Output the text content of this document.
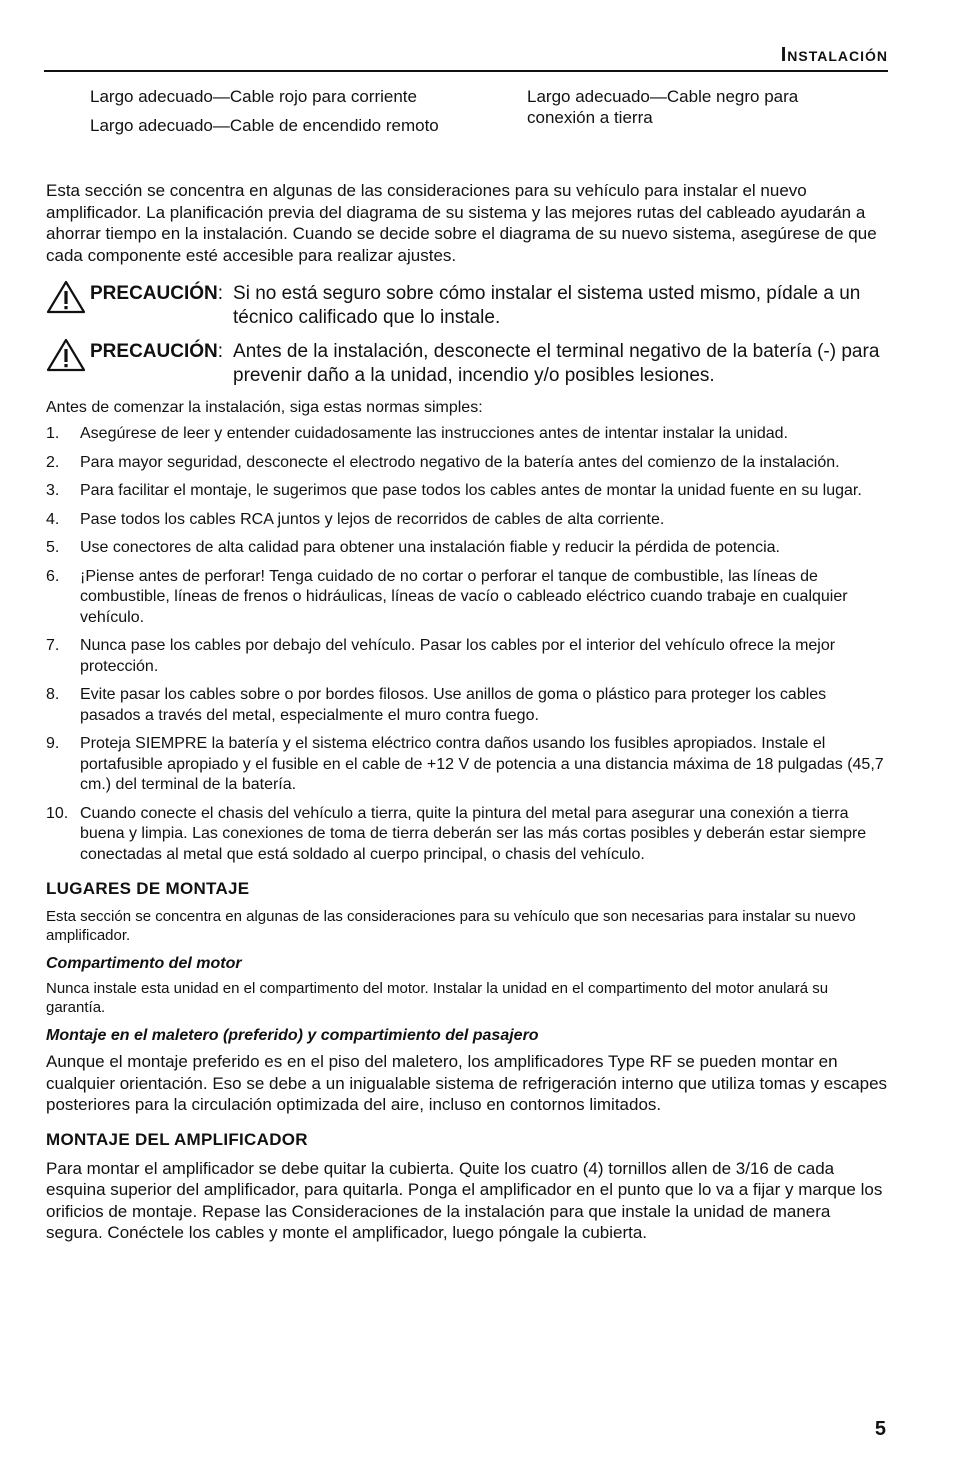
Instalación

Largo adecuado—Cable rojo para corriente

Largo adecuado—Cable de encendido remoto

Largo adecuado—Cable negro para conexión a tierra

Esta sección se concentra en algunas de las consideraciones para su vehículo para instalar el nuevo amplificador. La planificación previa del diagrama de su sistema y las mejores rutas del cableado ayudarán a ahorrar tiempo en la instalación. Cuando se decide sobre el diagrama de su nuevo sistema, asegúrese de que cada componente esté accesible para realizar ajustes.

PRECAUCIÓN : Si no está seguro sobre cómo instalar el sistema usted mismo, pídale a un técnico calificado que lo instale.
PRECAUCIÓN : Antes de la instalación, desconecte el terminal negativo de la batería (-) para prevenir daño a la unidad, incendio y/o posibles lesiones.

Antes de comenzar la instalación, siga estas normas simples:

1.	Asegúrese de leer y entender cuidadosamente las instrucciones antes de intentar instalar la unidad.
2.	Para mayor seguridad, desconecte el electrodo negativo de la batería antes del comienzo de la instalación.
3.	Para facilitar el montaje, le sugerimos que pase todos los cables antes de montar la unidad fuente en su lugar.
4.	Pase todos los cables RCA juntos y lejos de recorridos de cables de alta corriente.
5.	Use conectores de alta calidad para obtener una instalación fiable y reducir la pérdida de potencia.
6.	¡Piense antes de perforar! Tenga cuidado de no cortar o perforar el tanque de combustible, las líneas de combustible, líneas de frenos o hidráulicas, líneas de vacío o cableado eléctrico cuando trabaje en cualquier vehículo.
7.	Nunca pase los cables por debajo del vehículo. Pasar los cables por el interior del vehículo ofrece la mejor protección.
8.	Evite pasar los cables sobre o por bordes filosos. Use anillos de goma o plástico para proteger los cables pasados a través del metal, especialmente el muro contra fuego.
9.	Proteja SIEMPRE la batería y el sistema eléctrico contra daños usando los fusibles apropiados. Instale el portafusible apropiado y el fusible en el cable de +12 V de potencia a una distancia máxima de 18 pulgadas (45,7 cm.) del terminal de la batería.
10. Cuando conecte el chasis del vehículo a tierra, quite la pintura del metal para asegurar una conexión a tierra buena y limpia. Las conexiones de toma de tierra deberán ser las más cortas posibles y deberán estar siempre conectadas al metal que está soldado al cuerpo principal, o chasis del vehículo.
LUGARES DE MONTAJE

Esta sección se concentra en algunas de las consideraciones para su vehículo que son necesarias para instalar su nuevo amplificador.

Compartimento del motor

Nunca instale esta unidad en el compartimento del motor. Instalar la unidad en el compartimento del motor anulará su garantía.

Montaje en el maletero (preferido) y compartimiento del pasajero

Aunque el montaje preferido es en el piso del maletero, los amplificadores Type RF se pueden montar en cualquier orientación. Eso se debe a un inigualable sistema de refrigeración interno que utiliza tomas y escapes posteriores para la circulación optimizada del aire, incluso en contornos limitados.

MONTAJE DEL AMPLIFICADOR

Para montar el amplificador se debe quitar la cubierta. Quite los cuatro (4) tornillos allen de 3/16 de cada esquina superior del amplificador, para quitarla. Ponga el amplificador en el punto que lo va a fijar y marque los orificios de montaje. Repase las Consideraciones de la instalación para que instale la unidad de manera segura. Conéctele los cables y monte el amplificador, luego póngale la cubierta.

5
